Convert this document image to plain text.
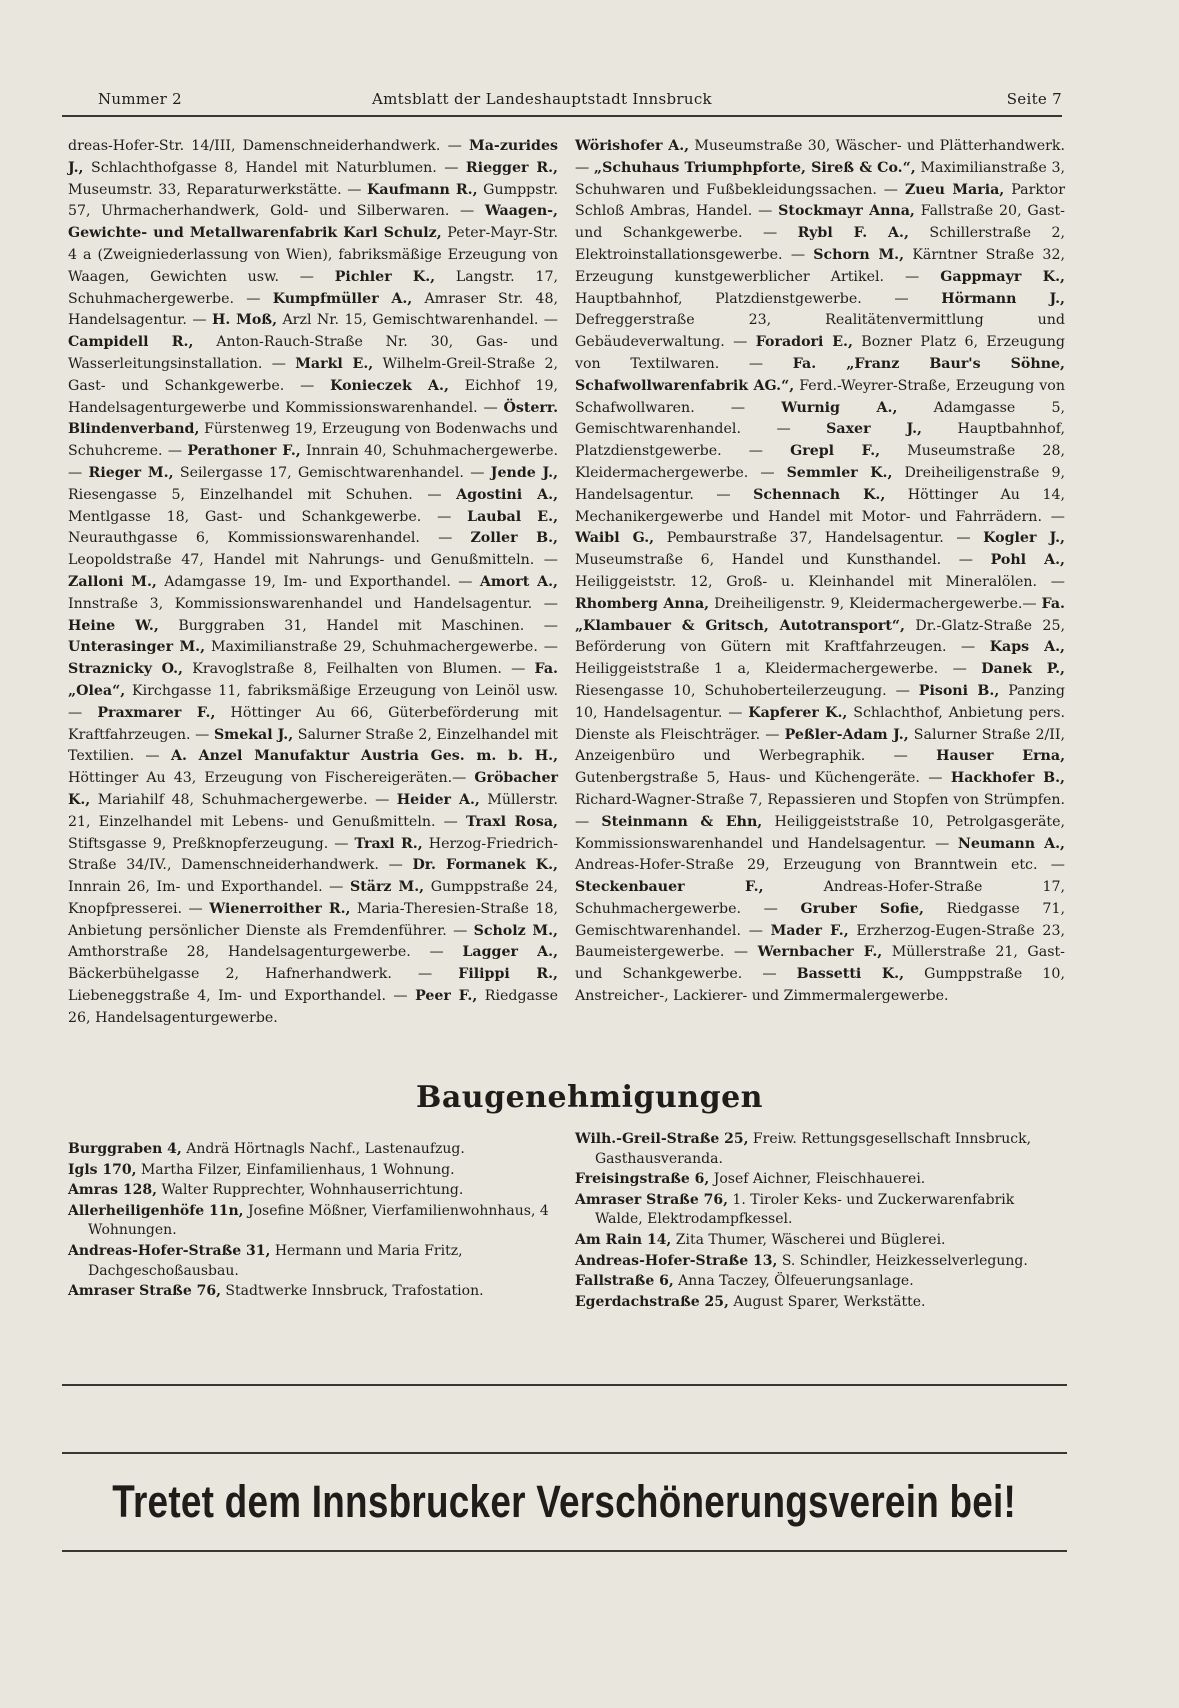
Nummer 2	Amtsblatt der Landeshauptstadt Innsbruck	Seite 7
dreas-Hofer-Str. 14/III, Damenschneiderhandwerk. — Ma-zurides J., Schlachthofgasse 8, Handel mit Naturblumen. — Riegger R., Museumstr. 33, Reparaturwerkstätte. — Kaufmann R., Gumppstr. 57, Uhrmacherhandwerk, Gold- und Silberwaren. — Waagen-, Gewichte- und Metallwarenfabrik Karl Schulz, Peter-Mayr-Str. 4 a (Zweigniederlassung von Wien), fabriksmäßige Erzeugung von Waagen, Gewichten usw. — Pichler K., Langstr. 17, Schuhmachergewerbe. — Kumpfmüller A., Amraser Str. 48, Handelsagentur. — H. Moß, Arzl Nr. 15, Gemischtwarenhandel. — Campidell R., Anton-Rauch-Straße Nr. 30, Gas- und Wasserleitungsinstallation. — Markl E., Wilhelm-Greil-Straße 2, Gast- und Schankgewerbe. — Konieczek A., Eichhof 19, Handelsagenturgewerbe und Kommissionswarenhandel. — Österr. Blindenverband, Fürstenweg 19, Erzeugung von Bodenwachs und Schuhcreme. — Perathoner F., Innrain 40, Schuhmachergewerbe. — Rieger M., Seilergasse 17, Gemischtwarenhandel. — Jende J., Riesengasse 5, Einzelhandel mit Schuhen. — Agostini A., Mentlgasse 18, Gast- und Schankgewerbe. — Laubal E., Neurauthgasse 6, Kommissionswarenhandel. — Zoller B., Leopoldstraße 47, Handel mit Nahrungs- und Genußmitteln. — Zalloni M., Adamgasse 19, Im- und Exporthandel. — Amort A., Innstraße 3, Kommissionswarenhandel und Handelsagentur. — Heine W., Burggraben 31, Handel mit Maschinen. — Unterasinger M., Maximilianstraße 29, Schuhmachergewerbe. — Straznicky O., Kravoglstraße 8, Feilhalten von Blumen. — Fa. „Olea“, Kirchgasse 11, fabriksmäßige Erzeugung von Leinöl usw. — Praxmarer F., Höttinger Au 66, Güterbeförderung mit Kraftfahrzeugen. — Smekal J., Salurner Straße 2, Einzelhandel mit Textilien. — A. Anzel Manufaktur Austria Ges. m. b. H., Höttinger Au 43, Erzeugung von Fischereigeräten.— Gröbacher K., Mariahilf 48, Schuhmachergewerbe. — Heider A., Müllerstr. 21, Einzelhandel mit Lebens- und Genußmitteln. — Traxl Rosa, Stiftsgasse 9, Preßknopferzeugung. — Traxl R., Herzog-Friedrich-Straße 34/IV., Damenschneiderhandwerk. — Dr. Formanek K., Innrain 26, Im- und Exporthandel. — Stärz M., Gumppstraße 24, Knopfpresserei. — Wienerroither R., Maria-Theresien-Straße 18, Anbietung persönlicher Dienste als Fremdenführer. — Scholz M., Amthorstraße 28, Handelsagenturgewerbe. — Lagger A., Bäckerbühelgasse 2, Hafnerhandwerk. — Filippi R., Liebeneggstraße 4, Im- und Exporthandel. — Peer F., Riedgasse 26, Handelsagenturgewerbe.
Wörishofer A., Museumstraße 30, Wäscher- und Plätterhandwerk. — „Schuhaus Triumphpforte, Sireß & Co.“, Maximilianstraße 3, Schuhwaren und Fußbekleidungssachen. — Zueu Maria, Parktor Schloß Ambras, Handel. — Stockmayr Anna, Fallstraße 20, Gast- und Schankgewerbe. — Rybl F. A., Schillerstraße 2, Elektroinstallationsgewerbe. — Schorn M., Kärntner Straße 32, Erzeugung kunstgewerblicher Artikel. — Gappmayr K., Hauptbahnhof, Platzdienstgewerbe. — Hörmann J., Defreggerstraße 23, Realitätenvermittlung und Gebäudeverwaltung. — Foradori E., Bozner Platz 6, Erzeugung von Textilwaren. — Fa. „Franz Baur's Söhne, Schafwollwarenfabrik AG.“, Ferd.-Weyrer-Straße, Erzeugung von Schafwollwaren. —	Wurnig A.,	Adamgasse 5, Gemischtwarenhandel. —	Saxer J.,	Hauptbahnhof, Platzdienstgewerbe. — Grepl F., Museumstraße 28, Kleidermachergewerbe. — Semmler K., Dreiheiligenstraße 9, Handelsagentur. — Schennach K., Höttinger Au 14, Mechanikergewerbe und Handel mit Motor- und Fahrrädern. — Waibl G., Pembaurstraße 37, Handelsagentur. — Kogler J., Museumstraße 6, Handel und Kunsthandel. — Pohl A., Heiliggeiststr. 12, Groß- u. Kleinhandel mit Mineralölen. — Rhomberg Anna, Dreiheiligenstr. 9, Kleidermachergewerbe.— Fa. „Klambauer & Gritsch, Autotransport“, Dr.-Glatz-Straße 25, Beförderung von Gütern mit Kraftfahrzeugen. — Kaps A., Heiliggeiststraße 1 a, Kleidermachergewerbe. — Danek P., Riesengasse 10, Schuhoberteilerzeugung. — Pisoni B., Panzing 10, Handelsagentur. — Kapferer K., Schlachthof, Anbietung pers. Dienste als Fleischträger. — Peßler-Adam J., Salurner Straße 2/II, Anzeigenbüro und Werbegraphik. — Hauser Erna, Gutenbergstraße 5, Haus- und Küchengeräte. — Hackhofer B., Richard-Wagner-Straße 7, Repassieren und Stopfen von Strümpfen. — Steinmann & Ehn, Heiliggeiststraße 10, Petrolgasgeräte, Kommissionswarenhandel und Handelsagentur. — Neumann A., Andreas-Hofer-Straße 29, Erzeugung von Branntwein etc. — Steckenbauer F.,	Andreas-Hofer-Straße 17, Schuhmachergewerbe. — Gruber Sofie, Riedgasse 71, Gemischtwarenhandel. — Mader F., Erzherzog-Eugen-Straße 23, Baumeistergewerbe. — Wernbacher F., Müllerstraße 21, Gast- und Schankgewerbe. — Bassetti K., Gumppstraße 10, Anstreicher-, Lackierer- und Zimmermalergewerbe.
Baugenehmigungen
Burggraben 4, Andrä Hörtnagls Nachf., Lastenaufzug.
Igls 170, Martha Filzer, Einfamilienhaus, 1 Wohnung.
Amras 128, Walter Rupprechter, Wohnhauserrichtung.
Allerheiligenhöfe 11n, Josefine Mößner, Vierfamilienwohnhaus, 4 Wohnungen.
Andreas-Hofer-Straße 31, Hermann und Maria Fritz, Dachgeschoßausbau.
Amraser Straße 76, Stadtwerke Innsbruck, Trafostation.
Wilh.-Greil-Straße 25, Freiw. Rettungsgesellschaft Innsbruck, Gasthausveranda.
Freisingstraße 6, Josef Aichner, Fleischhauerei.
Amraser Straße 76, 1. Tiroler Keks- und Zuckerwarenfabrik Walde, Elektrodampfkessel.
Am Rain 14, Zita Thumer, Wäscherei und Büglerei.
Andreas-Hofer-Straße 13, S. Schindler, Heizkesselverlegung.
Fallstraße 6, Anna Taczey, Ölfeuerungsanlage.
Egerdachstraße 25, August Sparer, Werkstätte.
Tretet dem Innsbrucker Verschönerungsverein bei!
